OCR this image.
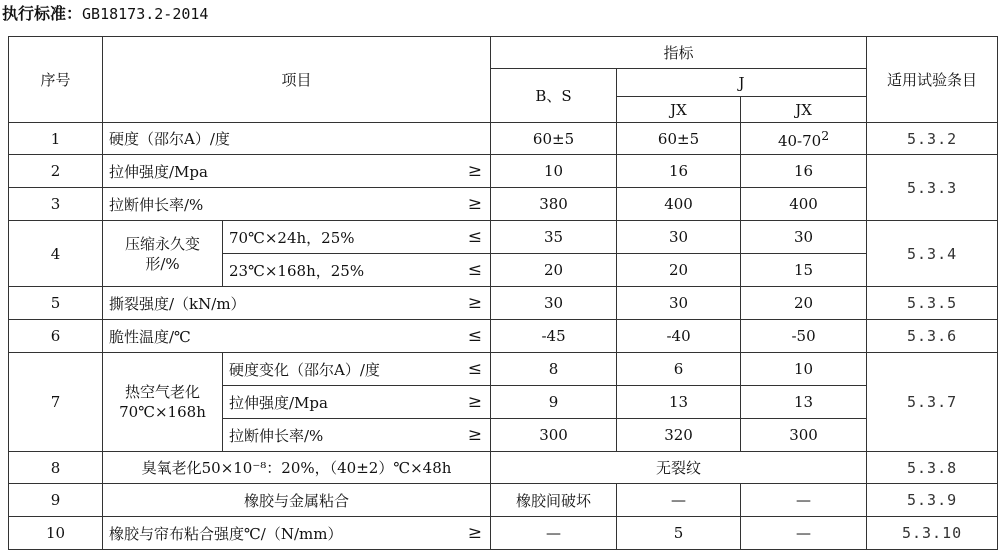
执行标准：GB18173.2-2014
序号	项目			指标			适用试验条目
				B、S	J		
					JX	JX	
1	硬度（邵尔A）/度			60±5	60±5	$40-70^2$	5.3.2
2	拉伸强度/Mpa		≥	10	16	16	5.3.3
3	拉断伸长率/%		≥	380	400	400	
4	压缩永久变形/%	70℃×24h，25%	≤	35	30	30	5.3.4
		23℃×168h，25%	≤	20	20	15	
5	撕裂强度/（kN/m）		≥	30	30	20	5.3.5
6	脆性温度/℃		≤	-45	-40	-50	5.3.6
7	热空气老化70℃×168h	硬度变化（邵尔A）/度	≤	8	6	10	5.3.7
		拉伸强度/Mpa	≥	9	13	13	
		拉断伸长率/%	≥	300	320	300	
8	臭氧老化50×10⁻⁸：20%，（40±2）℃×48h			无裂纹			5.3.8
9	橡胶与金属粘合			橡胶间破坏	—	—	5.3.9
10	橡胶与帘布粘合强度℃/（N/mm）		≥	—	5	—	5.3.10
